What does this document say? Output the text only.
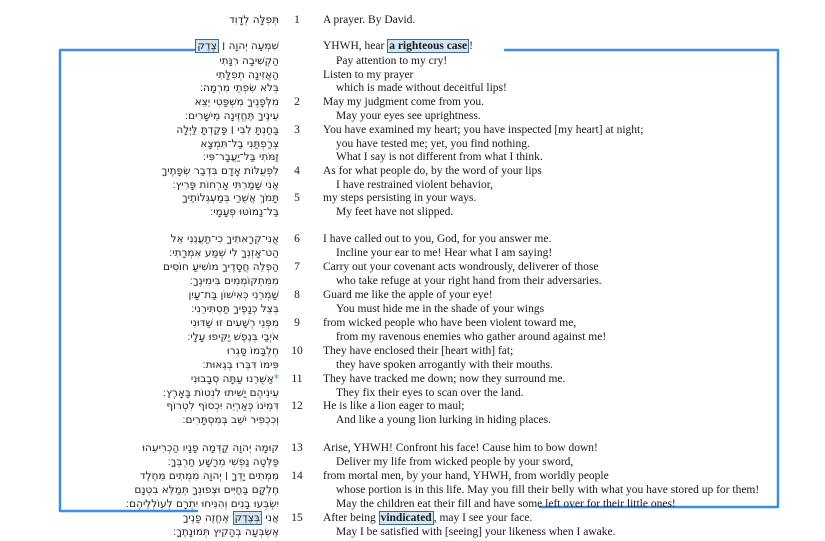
תְּפִלָּה לְדָוִד	1	A prayer. By David.
שִׁמְעָה יְהוָה ׀ צֶדֶק	YHWH, hear a righteous case !
הַקְשִׁיבָה רִנָּתִי	Pay attention to my cry!
הַאֲזִינָה תְפִלָּתִי	Listen to my prayer
בְּלֹא שִׂפְתֵי מִרְמָה׃	which is made without deceitful lips!
מִלְּפָנֶיךָ מִשְׁפָּטִי יֵצֵא	2	May my judgment come from you.
עֵינֶיךָ תֶּחֱזֶינָה מֵישָׁרִים׃	May your eyes see uprightness.
בָּחַנְתָּ לִבִּי ׀ פָּקַדְתָּ לַּיְלָה	3	You have examined my heart; you have inspected [my heart] at night;
צְרַפְתַּנִי בַל־תִּמְצָא	you have tested me; yet, you find nothing.
זַמֹּתִי בַּל־יַעֲבָר־פִּי׃	What I say is not different from what I think.
לִפְעֻלּוֹת אָדָם בִּדְבַר שְׂפָתֶיךָ	4	As for what people do, by the word of your lips
אֲנִי שָׁמַרְתִּי אָרְחוֹת פָּרִיץ׃	I have restrained violent behavior,
תָּמֹךְ אֲשֻׁרַי בְּמַעְגְּלוֹתֶיךָ	5	my steps persisting in your ways.
בַּל־נָמוֹטּוּ פְעָמָי׃	My feet have not slipped.
אֲנִי־קְרָאתִיךָ כִי־תַעֲנֵנִי אֵל	6	I have called out to you, God, for you answer me.
הַט־אָזְנְךָ לִי שְׁמַע אִמְרָתִי׃	Incline your ear to me! Hear what I am saying!
הַפְלֵה חֲסָדֶיךָ מוֹשִׁיעַ חוֹסִים	7	Carry out your covenant acts wondrously, deliverer of those
מִמִּתְקוֹמְמִים בִּימִינֶךָ׃	who take refuge at your right hand from their adversaries.
שָׁמְרֵנִי כְּאִישׁוֹן בַּת־עָיִן	8	Guard me like the apple of your eye!
בְּצֵל כְּנָפֶיךָ תַּסְתִּירֵנִי׃	You must hide me in the shade of your wings
מִפְּנֵי רְשָׁעִים זוּ שַׁדּוּנִי	9	from wicked people who have been violent toward me,
אֹיְבַי בְּנֶפֶשׁ יַקִּיפוּ עָלָי׃	from my ravenous enemies who gather around against me!
חֶלְבָּמוֹ סָּגְרוּ 10 They have enclosed their [heart with] fat;
פִּימוֹ דִּבְּרוּ בְגֵאוּת׃	they have spoken arrogantly with their mouths.
*אַשֻּׁרֵנוּ עַתָּה סְבָבוּנִי	11 They have tracked me down; now they surround me.
עֵינֵיהֶם יָשִׁיתוּ לִנְטוֹת בָּאָרֶץ׃	They fix their eyes to scan over the land.
דִּמְיֹנוֹ כְּאַרְיֵה יִכְסוֹף לִטְרוֹף 12 He is like a lion eager to maul;
וְכִכְפִיר יֹשֵׁב בְּמִסְתָּרִים׃	And like a young lion lurking in hiding places.
קוּמָה יְהוָה קַדְּמָה פָנָיו הַכְרִיעֵהוּ 13 Arise, YHWH! Confront his face! Cause him to bow down!
פַּלְּטָה נַפְשִׁי מֵרָשָׁע חַרְבֶּךָ׃	Deliver my life from wicked people by your sword,
מִמְתִים יָדְךָ ׀ יְהוָה מִמְתִים מֵחֶלֶד 14 from mortal men, by your hand, YHWH, from worldly people
חֶלְקָם בַּחַיִּים וּצְפוּנְךָ תְּמַלֵּא בִטְנָם	whose portion is in this life. May you fill their belly with what you have stored up for them!
יִשְׂבְּעוּ בָנִים וְהִנִּיחוּ יִתְרָם לְעוֹלְלֵיהֶם׃	May the children eat their fill and have some left over for their little ones!
אֲנִי בְּצֶדֶק אֶחֱזֶה פָנֶיךָ	15 After being vindicated , may I see your face.
אֶשְׂבְּעָה בְהָקִיץ תְּמוּנָתֶךָ׃	May I be satisfied with [seeing] your likeness when I awake.
